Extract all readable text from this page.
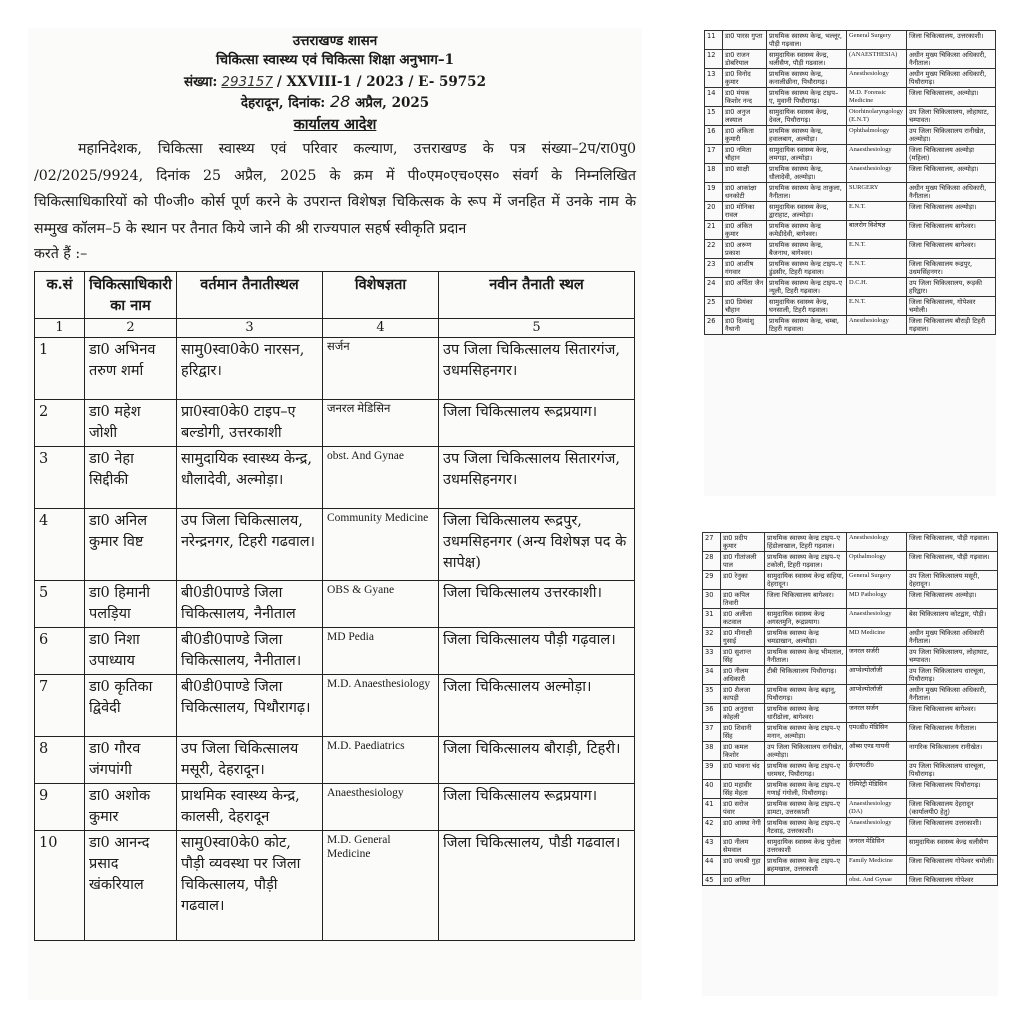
उत्तराखण्ड शासन
चिकित्सा स्वास्थ्य एवं चिकित्सा शिक्षा अनुभाग–1
संख्या: 293157 / XXVIII-1 / 2023 / E- 59752
देहरादून, दिनांक: 28 अप्रैल, 2025
कार्यालय आदेश
महानिदेशक, चिकित्सा स्वास्थ्य एवं परिवार कल्याण, उत्तराखण्ड के पत्र संख्या–2प/रा0पु0 /02/2025/9924, दिनांक 25 अप्रैल, 2025 के क्रम में पी०एम०एच०एस० संवर्ग के निम्नलिखित चिकित्साधिकारियों को पी०जी० कोर्स पूर्ण करने के उपरान्त विशेषज्ञ चिकित्सक के रूप में जनहित में उनके नाम के सम्मुख कॉलम–5 के स्थान पर तैनात किये जाने की श्री राज्यपाल सहर्ष स्वीकृति प्रदान
करते हैं :–
क.सं	चिकित्साधिकारी का नाम	वर्तमान तैनातीस्थल	विशेषज्ञता	नवीन तैनाती स्थल
1	2	3	4	5
1	डा0 अभिनव तरुण शर्मा	सामु0स्वा0के0 नारसन, हरिद्वार।	सर्जन	उप जिला चिकित्सालय सितारगंज, उधमसिहनगर।
2	डा0 महेश जोशी	प्रा0स्वा0के0 टाइप–ए बल्डोगी, उत्तरकाशी	जनरल मेडिसिन	जिला चिकित्सालय रूद्रप्रयाग।
3	डा0 नेहा सिद्दीकी	सामुदायिक स्वास्थ्य केन्द्र, धौलादेवी, अल्मोड़ा।	obst. And Gynae	उप जिला चिकित्सालय सितारगंज, उधमसिहनगर।
4	डा0 अनिल कुमार विष्ट	उप जिला चिकित्सालय, नरेन्द्रनगर, टिहरी गढवाल।	Community Medicine	जिला चिकित्सालय रूद्रपुर, उधमसिहनगर (अन्य विशेषज्ञ पद के सापेक्ष)
5	डा0 हिमानी पलड़िया	बी0डी0पाण्डे जिला चिकित्सालय, नैनीताल	OBS & Gyane	जिला चिकित्सालय उत्तरकाशी।
6	डा0 निशा उपाध्याय	बी0डी0पाण्डे जिला चिकित्सालय, नैनीताल।	MD Pedia	जिला चिकित्सालय पौड़ी गढ़वाल।
7	डा0 कृतिका द्विवेदी	बी0डी0पाण्डे जिला चिकित्सालय, पिथौरागढ़।	M.D. Anaesthesiology	जिला चिकित्सालय अल्मोड़ा।
8	डा0 गौरव जंगपांगी	उप जिला चिकित्सालय मसूरी, देहरादून।	M.D. Paediatrics	जिला चिकित्सालय बौराड़ी, टिहरी।
9	डा0 अशोक कुमार	प्राथमिक स्वास्थ्य केन्द्र, कालसी, देहरादून	Anaesthesiology	जिला चिकित्सालय रूद्रप्रयाग।
10	डा0 आनन्द प्रसाद खंकरियाल	सामु0स्वा0के0 कोट, पौड़ी व्यवस्था पर जिला चिकित्सालय, पौड़ी गढवाल।	M.D. General Medicine	जिला चिकित्सालय, पौडी गढवाल।
11	डा0 पारस गुप्ता	प्राथमिक स्वास्थ्य केन्द्र, भल्लूर, पौड़ी गढ़वाल।	General Surgery	जिला चिकित्सालय, उत्तरकाशी।
12	डा0 राजन डोबरियाल	सामुदायिक स्वास्थ्य केन्द्र, थलीसैण, पौड़ी गढवाल।	(ANAESTHESIA)	अधीन मुख्य चिकित्सा अधिकारी, नैनीताल।
13	डा0 विनोद कुमार	प्राथमिक स्वास्थ्य केन्द्र, कनालीछीना, पिथौरागढ़।	Anesthesiology	अधीन मुख्य चिकित्सा अधिकारी, पिथौरागढ़।
14	डा0 मंयक किशोर नन्द	प्राथमिक स्वास्थ्य केन्द्र टाइप–ए, मुवानी पिथौरागढ़।	M.D. Forensic Medicine	जिला चिकित्सालय, अल्मोड़ा।
15	डा0 अनुज लस्याल	सामुदायिक स्वास्थ्य केन्द्र, देवल, पिथौरागढ़।	Otorhinolaryngology (E.N.T)	उप जिला चिकित्सालय, लोहाघाट, चम्पावत।
16	डा0 अंकिता कुमारी	प्राथमिक स्वास्थ्य केन्द्र, हवालबाग, अल्मोड़ा।	Ophthalmology	उप जिला चिकित्सालय रानीखेत, अल्मोड़ा।
17	डा0 नमिता चौहान	सामुदायिक स्वास्थ्य केन्द्र, लमगड़ा, अल्मोड़ा।	Anaesthesiology	जिला चिकित्सालय अल्मोड़ा (महिला)
18	डा0 साक्षी	प्राथमिक स्वास्थ्य केन्द्र, धौलादेवी, अल्मोड़ा।	Anaesthesiology	जिला चिकित्सालय, अल्मोड़ा।
19	डा0 आकांक्षा धनकोटी	प्राथमिक स्वास्थ्य केन्द्र ताकुला, नैनीताल।	SURGERY	अधीन मुख्य चिकित्सा अधिकारी, नैनीताल।
20	डा0 मोनिका रावल	सामुदायिक स्वास्थ्य केन्द्र, द्वाराहाट, अल्मोड़ा।	E.N.T.	जिला चिकित्सालय अल्मोड़ा।
21	डा0 अंकित कुमार	प्राथमिक स्वास्थ्य केन्द्र कमेडीदेवी, बागेश्वर।	बालरोग विशेषज्ञ	जिला चिकित्सालय बागेश्वर।
22	डा0 अरूण प्रकाश	प्राथमिक स्वास्थ्य केन्द्र, बैजनाथ, बागेश्वर।	E.N.T.	जिला चिकित्सालय बागेश्वर।
23	डा0 आशीष गंगवार	प्राथमिक स्वास्थ्य केन्द्र टाइप–ए डुंडसीर, टिहरी गढ़वाल।	E.N.T.	जिला चिकित्सालय रूद्रपुर, उधमसिंहनगर।
24	डा0 अर्पिता जैन	प्राथमिक स्वास्थ्य केन्द्र टाइप–ए न्यूली, टिहरी गढ़वाल।	D.C.H.	उप जिला चिकित्सालय, रूड़की हरिद्वार।
25	डा0 प्रियंका चौहान	सामुदायिक स्वास्थ्य केन्द्र, घनसाली, टिहरी गढ़वाल।	E.N.T.	जिला चिकित्सालय, गोपेश्वर चमोली।
26	डा0 दिव्यांशु नैथानी	प्राथमिक स्वास्थ्य केन्द्र, चम्बा, टिहरी गढ़वाल।	Anesthesiology	जिला चिकित्सालय बौराड़ी टिहरी गढ़वाल।
27	डा0 प्रदीप कुमार	प्राथमिक स्वास्थ्य केन्द्र टाइप–ए हिंडोलाखाल, टिहरी गढ़वाल।	Anesthesiology	जिला चिकित्सालय, पौड़ी गढ़वाल।
28	डा0 गीतांजली पाल	प्राथमिक स्वास्थ्य केन्द्र टाइप–ए टकोली, टिहरी गढ़वाल।	Opthalmology	जिला चिकित्सालय, पौड़ी गढ़वाल।
29	डा0 रेनुका	सामुदायिक स्वास्थ्य केन्द्र सहिया, देहरादून।	General Surgery	उप जिला चिकित्सालय मसूरी, देहरादून।
30	डा0 कपिल तिवारी	जिला चिकित्सालय बागेश्वर।	MD Pathology	जिला चिकित्सालय अल्मोड़ा।
31	डा0 अलीशा कटवाल	सामुदायिक स्वास्थ्य केन्द्र अगस्तमुनि, रूद्रप्रयाग।	Anaesthesiology	बेस चिकित्सालय कोटद्वार, पौड़ी।
32	डा0 मीनाक्षी गुसाई	प्राथमिक स्वास्थ्य केन्द्र चमडाखान, अल्मोड़ा।	MD Medicine	अधीन मुख्य चिकित्सा अधिकारी नैनीताल।
33	डा0 सुशान्त सिंह	प्राथमिक स्वास्थ्य केन्द्र भीमताल, नैनीताल।	जनरल सर्जरी	उप जिला चिकित्सालय, लोहाघाट, चम्पावत।
34	डा0 नीलम अधिकारी	टीबी चिकित्सालय पिथौरागढ़।	आप्थेल्मोलॉजी	उप जिला चिकित्सालय धारचूला, पिथौरागढ़।
35	डा0 शैलजा कापड़ी	प्राथमिक स्वास्थ्य केन्द्र बढ़ानू, पिथौरागढ़।	आप्थेल्मोलॉजी	अधीन मुख्य चिकित्सा अधिकारी, नैनीताल।
36	डा0 अनुराधा कोहली	प्राथमिक स्वास्थ्य केन्द्र धारीढोला, बागेश्वर।	जनरल सर्जन	जिला चिकित्सालय बागेश्वर।
37	डा0 शिवानी सिंह	प्राथमिक स्वास्थ्य केन्द्र टाइप–ए मनान, अल्मोड़ा।	एम0डी0 मेडिसिन	जिला चिकित्सालय नैनीताल।
38	डा0 कमल किशोर	उप जिला चिकित्सालय रानीखेत, अल्मोड़ा।	ऑब्स एण्ड गायनी	नागरिक चिकित्सालय रानीखेत।
39	डा0 भावना चंद	प्राथमिक स्वास्थ्य केन्द्र टाइप–ए धरमघर, पिथौरागढ़।	ई0एन0टी0	उप जिला चिकित्सालय धारचूला, पिथौरागढ़।
40	डा0 महावीर सिंह मेहता	प्राथमिक स्वास्थ्य केन्द्र टाइप–ए गणाई गंगोली, पिथौरागढ़।	रेस्पिरेट्री मेडिसिन	जिला चिकित्सालय पिथौरागढ़।
41	डा0 सरोज पंवार	प्राथमिक स्वास्थ्य केन्द्र टाइप–ए डामटा, उत्तरकाशी	Anaesthesiology (DA)	जिला चिकित्सालय देहरादून (कार्यालयी0 हेतु)
42	डा0 आस्था नेगी	प्राथमिक स्वास्थ्य केन्द्र टाइप–ए नैटवाड़, उत्तरकाशी।	Anaesthesiology	जिला चिकित्सालय उत्तरकाशी।
43	डा0 नीलम सेमवाल	सामुदायिक स्वास्थ्य केन्द्र पुरोला उत्तरकाशी	जनरल मेडिसिन	सामुदायिक स्वास्थ्य केन्द्र थलीसैण
44	डा0 जयश्री गुहा	प्राथमिक स्वास्थ्य केन्द्र टाइप–ए ब्रहमखाल, उत्तरकाशी	Family Medicine	जिला चिकित्सालय गोपेश्वर चमोली।
45	डा0 अनिता		obst. And Gynae	जिला चिकित्सालय गोपेश्वर
